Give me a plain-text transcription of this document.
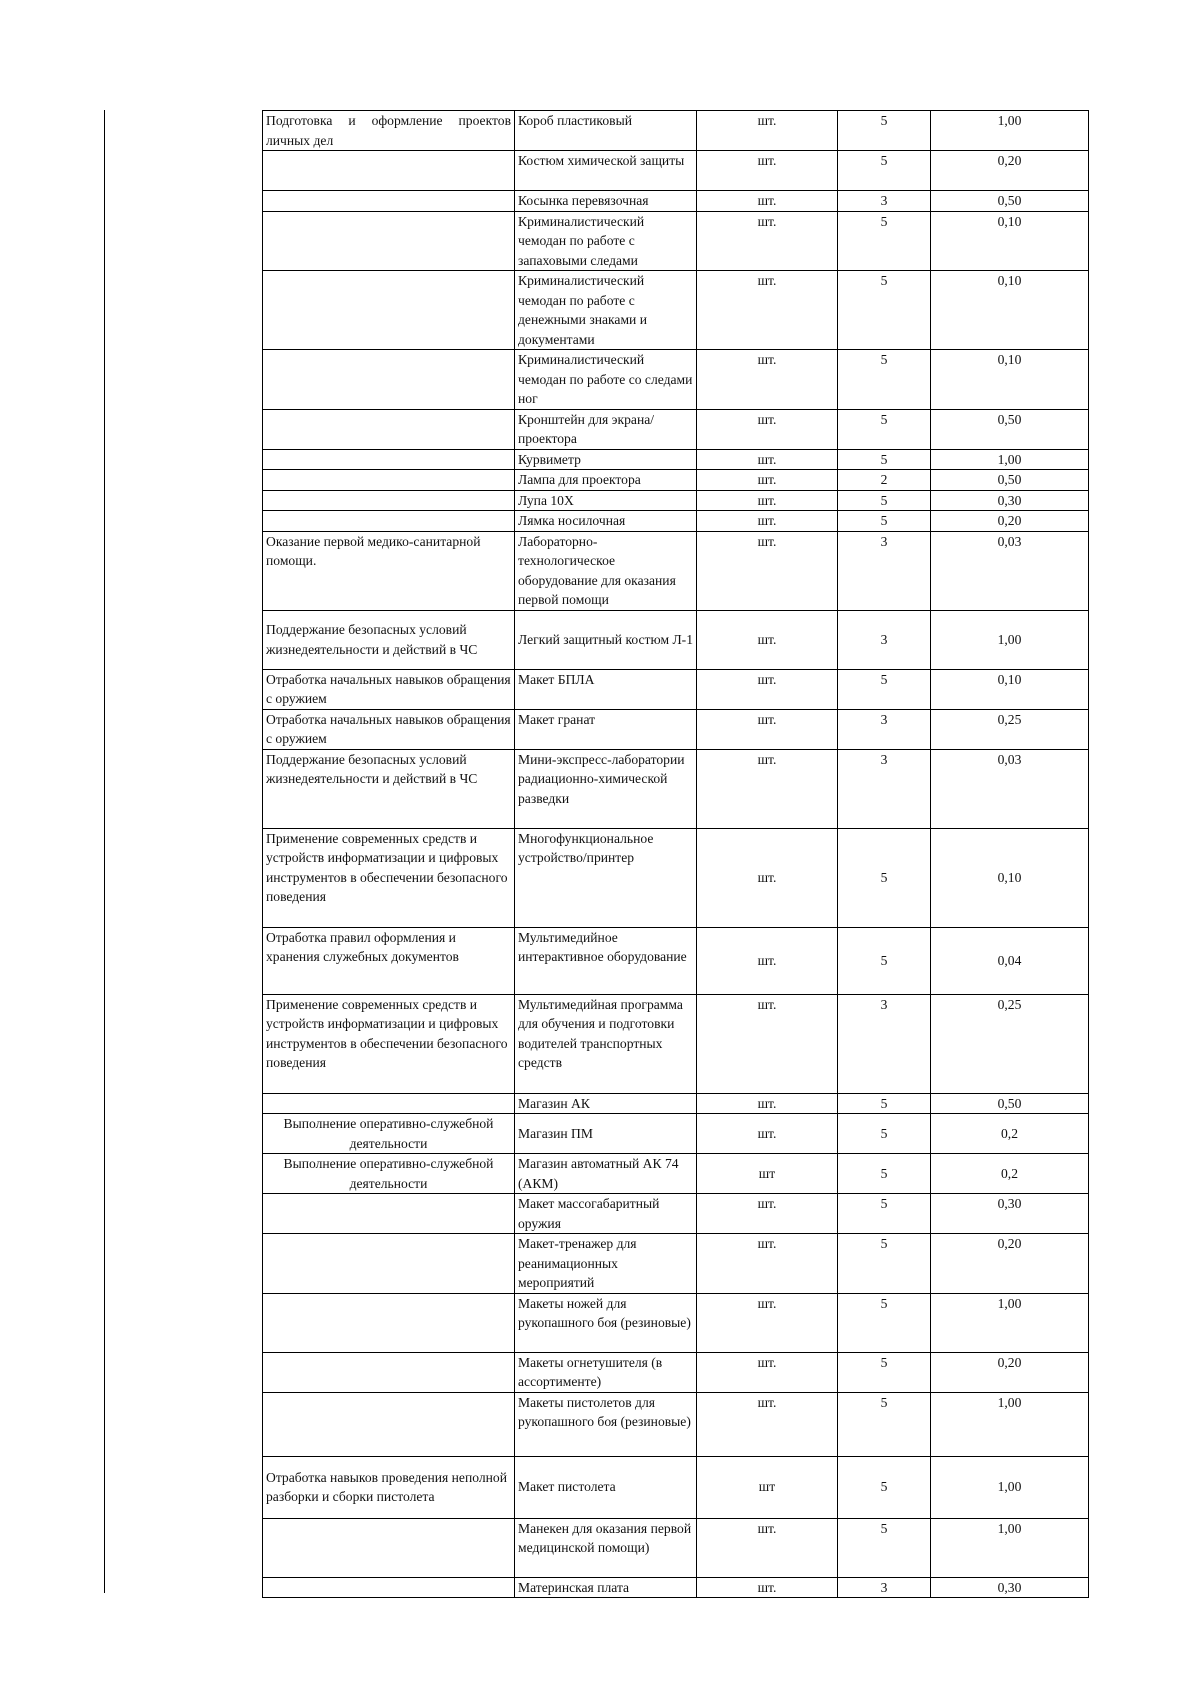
Подготовка и оформление проектов личных дел	Короб пластиковый	шт.	5	1,00
	Костюм химической защиты	шт.	5	0,20
	Косынка перевязочная	шт.	3	0,50
	Криминалистический чемодан по работе с запаховыми следами	шт.	5	0,10
	Криминалистический чемодан по работе с денежными знаками и документами	шт.	5	0,10
	Криминалистический чемодан по работе со следами ног	шт.	5	0,10
	Кронштейн для экрана/проектора	шт.	5	0,50
	Курвиметр	шт.	5	1,00
	Лампа для проектора	шт.	2	0,50
	Лупа 10Х	шт.	5	0,30
	Лямка носилочная	шт.	5	0,20
Оказание первой медико-санитарной помощи.	Лабораторно-технологическое оборудование для оказания первой помощи	шт.	3	0,03
Поддержание безопасных условий жизнедеятельности и действий в ЧС	Легкий защитный костюм Л-1	шт.	3	1,00
Отработка начальных навыков обращения с оружием	Макет БПЛА	шт.	5	0,10
Отработка начальных навыков обращения с оружием	Макет гранат	шт.	3	0,25
Поддержание безопасных условий жизнедеятельности и действий в ЧС	Мини-экспресс-лаборатории радиационно-химической разведки	шт.	3	0,03
Применение современных средств и устройств информатизации и цифровых инструментов в обеспечении безопасного поведения	Многофункциональное устройство/принтер	шт.	5	0,10
Отработка правил оформления и хранения служебных документов	Мультимедийное интерактивное оборудование	шт.	5	0,04
Применение современных средств и устройств информатизации и цифровых инструментов в обеспечении безопасного поведения	Мультимедийная программа для обучения и подготовки водителей транспортных средств	шт.	3	0,25
	Магазин АК	шт.	5	0,50
Выполнение оперативно-служебной деятельности	Магазин ПМ	шт.	5	0,2
Выполнение оперативно-служебной деятельности	Магазин автоматный АК 74 (АКМ)	шт	5	0,2
	Макет массогабаритный оружия	шт.	5	0,30
	Макет-тренажер для реанимационных мероприятий	шт.	5	0,20
	Макеты ножей для рукопашного боя (резиновые)	шт.	5	1,00
	Макеты огнетушителя (в ассортименте)	шт.	5	0,20
	Макеты пистолетов для рукопашного боя (резиновые)	шт.	5	1,00
Отработка навыков проведения неполной разборки и сборки пистолета	Макет пистолета	шт	5	1,00
	Манекен для оказания первой медицинской помощи)	шт.	5	1,00
	Материнская плата	шт.	3	0,30
